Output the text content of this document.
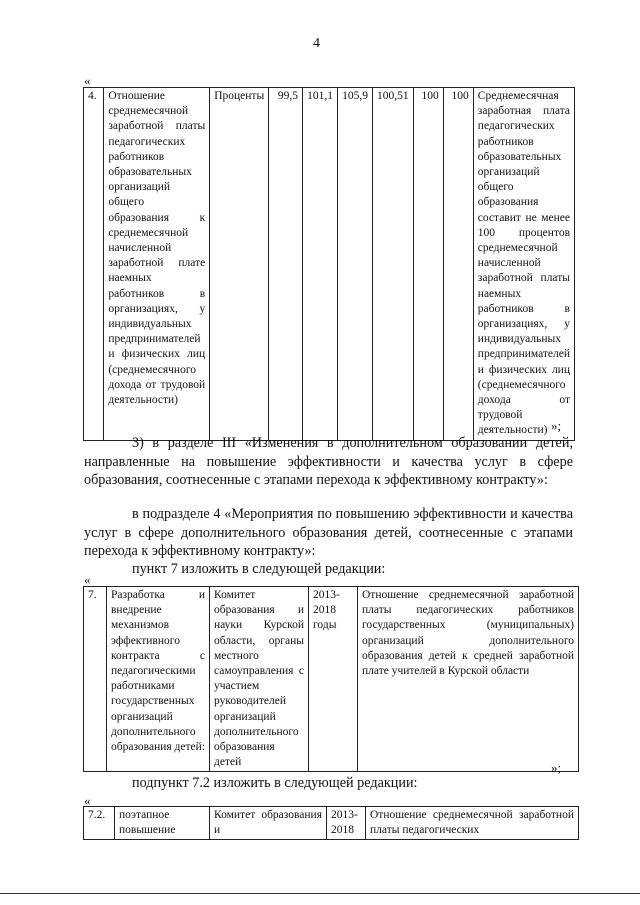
4
«
4.	Отношение среднемесячной заработной платы педагогических работников образовательных организаций общего образования к среднемесячной начисленной заработной плате наемных работников в организациях, у индивидуальных предпринимателей и физических лиц (среднемесячного дохода от трудовой деятельности)	Проценты	99,5	101,1	105,9	100,51	100	100	Среднемесячная заработная плата педагогических работников образовательных организаций общего образования составит не менее 100 процентов среднемесячной начисленной заработной платы наемных работников в организациях, у индивидуальных предпринимателей и физических лиц (среднемесячного дохода от трудовой деятельности) »;
3) в разделе III «Изменения в дополнительном образовании детей, направленные на повышение эффективности и качества услуг в сфере образования, соотнесенные с этапами перехода к эффективному контракту»:
в подразделе 4 «Мероприятия по повышению эффективности и качества услуг в сфере дополнительного образования детей, соотнесенные с этапами перехода к эффективному контракту»:
пункт 7 изложить в следующей редакции:
«
7.	Разработка и внедрение механизмов эффективного контракта с педагогическими работниками государственных организаций дополнительного образования детей:	Комитет образования и науки Курской области, органы местного самоуправления с участием руководителей организаций дополнительного образования детей	2013-2018 годы	Отношение среднемесячной заработной платы педагогических работников государственных (муниципальных) организаций дополнительного образования детей к средней заработной плате учителей в Курской области
»;
подпункт 7.2 изложить в следующей редакции:
«
7.2.	поэтапное повышение	Комитет образования и	2013-2018	Отношение среднемесячной заработной платы педагогических
